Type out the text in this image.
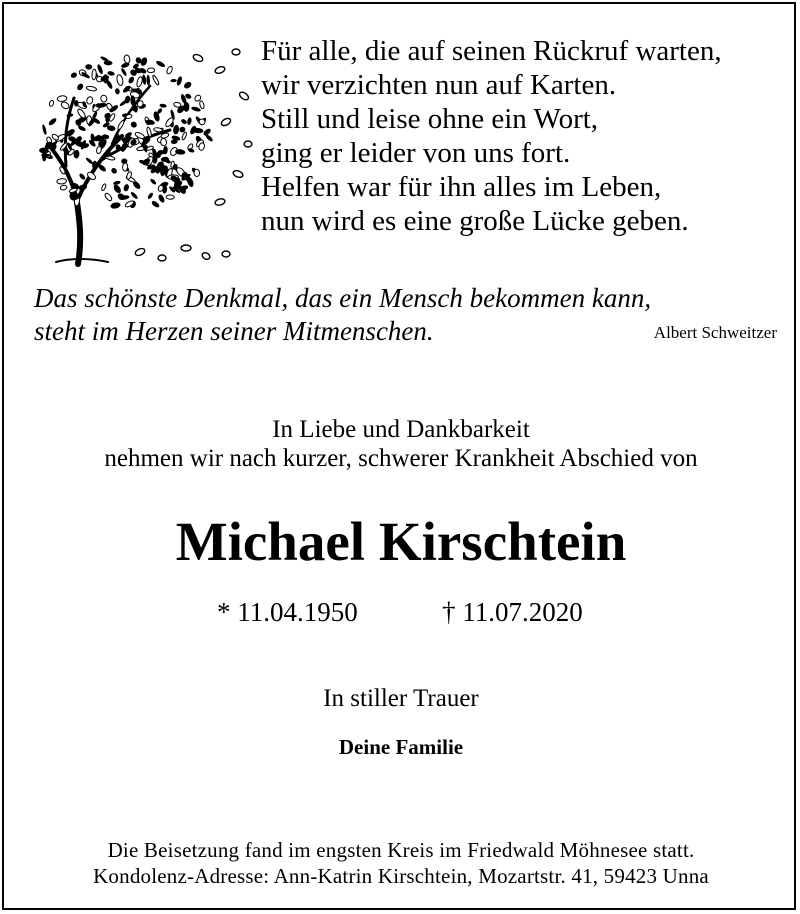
Für alle, die auf seinen Rückruf warten,
wir verzichten nun auf Karten.
Still und leise ohne ein Wort,
ging er leider von uns fort.
Helfen war für ihn alles im Leben,
nun wird es eine große Lücke geben.
Das schönste Denkmal, das ein Mensch bekommen kann,
steht im Herzen seiner Mitmenschen.	Albert Schweitzer
In Liebe und Dankbarkeit
nehmen wir nach kurzer, schwerer Krankheit Abschied von
Michael Kirschtein
* 11.04.1950	† 11.07.2020
In stiller Trauer
Deine Familie
Die Beisetzung fand im engsten Kreis im Friedwald Möhnesee statt.
Kondolenz-Adresse: Ann-Katrin Kirschtein, Mozartstr. 41, 59423 Unna
